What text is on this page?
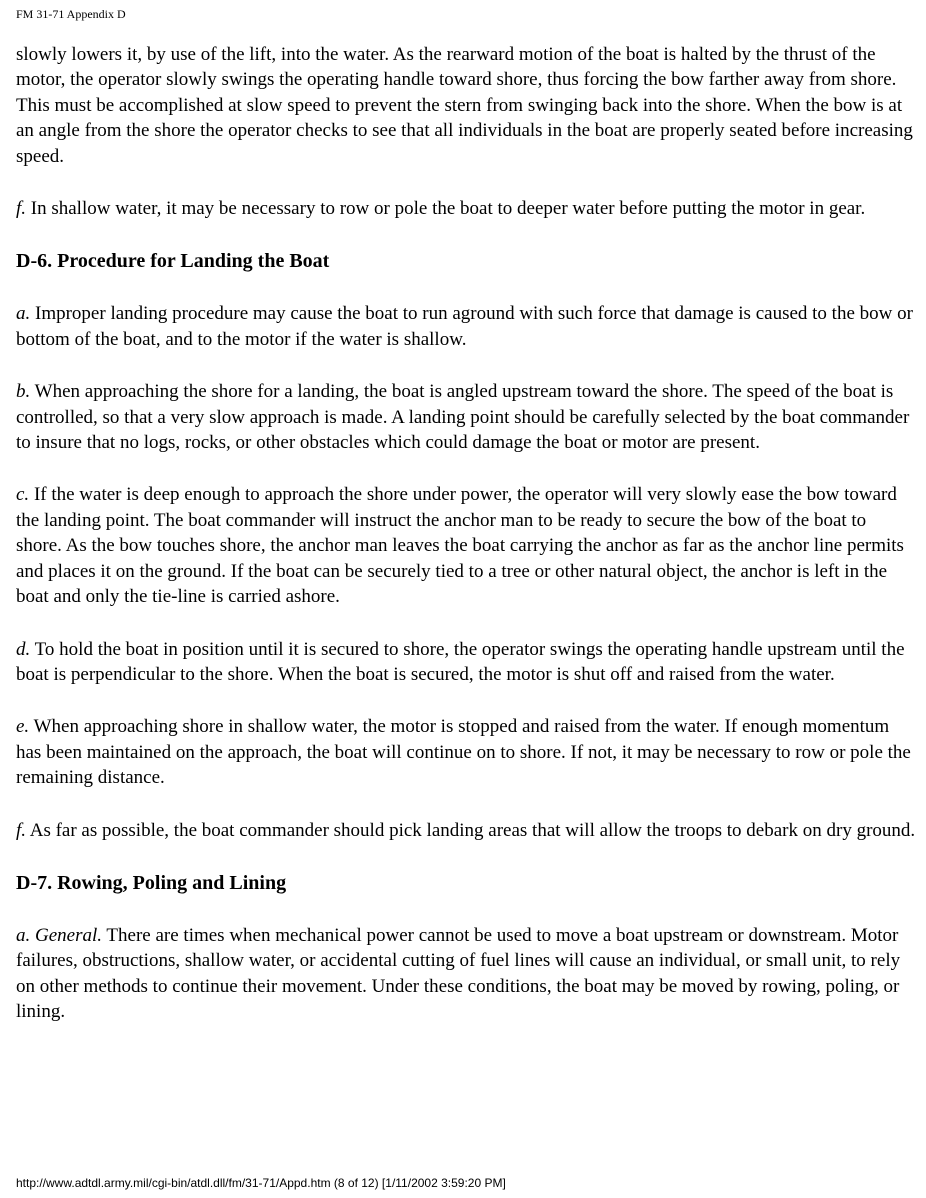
FM 31-71 Appendix D

slowly lowers it, by use of the lift, into the water. As the rearward motion of the boat is halted by the thrust of the motor, the operator slowly swings the operating handle toward shore, thus forcing the bow farther away from shore. This must be accomplished at slow speed to prevent the stern from swinging back into the shore. When the bow is at an angle from the shore the operator checks to see that all individuals in the boat are properly seated before increasing speed.

f. In shallow water, it may be necessary to row or pole the boat to deeper water before putting the motor in gear.

D-6. Procedure for Landing the Boat

a. Improper landing procedure may cause the boat to run aground with such force that damage is caused to the bow or bottom of the boat, and to the motor if the water is shallow.

b. When approaching the shore for a landing, the boat is angled upstream toward the shore. The speed of the boat is controlled, so that a very slow approach is made. A landing point should be carefully selected by the boat commander to insure that no logs, rocks, or other obstacles which could damage the boat or motor are present.

c. If the water is deep enough to approach the shore under power, the operator will very slowly ease the bow toward the landing point. The boat commander will instruct the anchor man to be ready to secure the bow of the boat to shore. As the bow touches shore, the anchor man leaves the boat carrying the anchor as far as the anchor line permits and places it on the ground. If the boat can be securely tied to a tree or other natural object, the anchor is left in the boat and only the tie-line is carried ashore.

d. To hold the boat in position until it is secured to shore, the operator swings the operating handle upstream until the boat is perpendicular to the shore. When the boat is secured, the motor is shut off and raised from the water.

e. When approaching shore in shallow water, the motor is stopped and raised from the water. If enough momentum has been maintained on the approach, the boat will continue on to shore. If not, it may be necessary to row or pole the remaining distance.

f. As far as possible, the boat commander should pick landing areas that will allow the troops to debark on dry ground.

D-7. Rowing, Poling and Lining

a. General. There are times when mechanical power cannot be used to move a boat upstream or downstream. Motor failures, obstructions, shallow water, or accidental cutting of fuel lines will cause an individual, or small unit, to rely on other methods to continue their movement. Under these conditions, the boat may be moved by rowing, poling, or lining.

http://www.adtdl.army.mil/cgi-bin/atdl.dll/fm/31-71/Appd.htm (8 of 12) [1/11/2002 3:59:20 PM]
